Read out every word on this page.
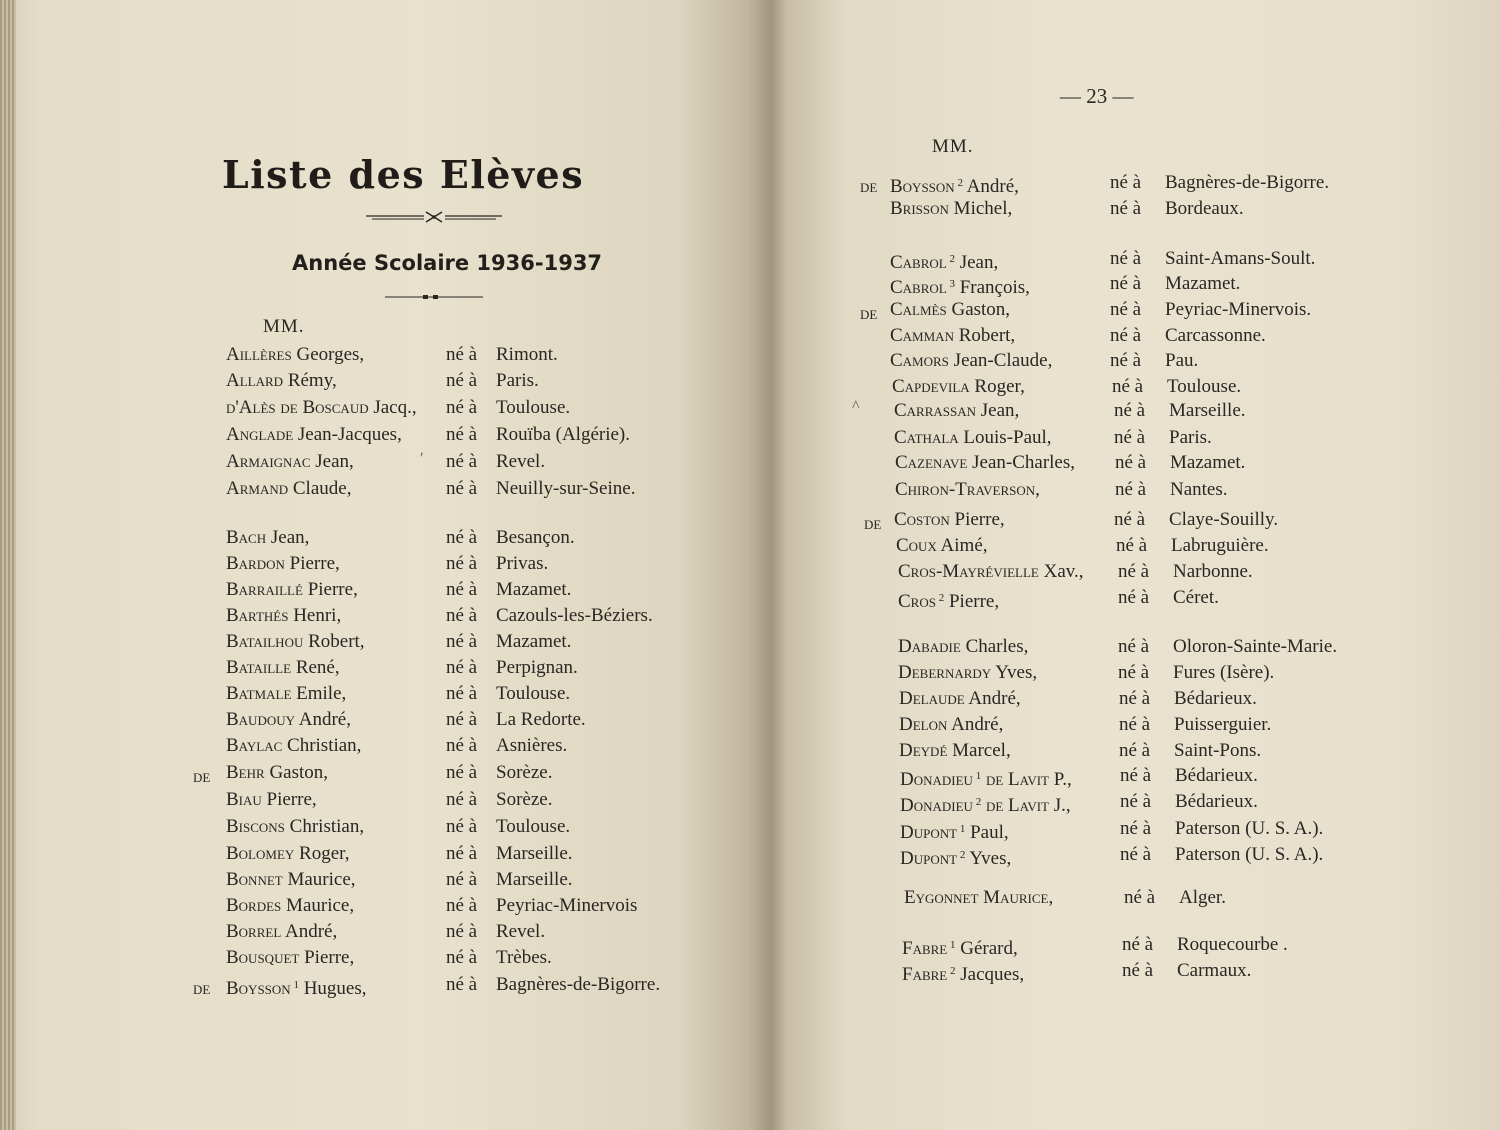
Liste des Elèves
Année Scolaire 1936-1937
MM.
ʹ
Aillères Georges,	né à Rimont.
Allard Rémy,	né à Paris.
d'Alès de Boscaud Jacq., né à Toulouse.
Anglade Jean-Jacques, né à Rouïba (Algérie).
Armaignac Jean,	né à Revel.
Armand Claude,	né à Neuilly-sur-Seine.
Bach Jean,	né à Besançon.
Bardon Pierre,	né à Privas.
Barraillé Pierre,	né à Mazamet.
Barthés Henri,	né à Cazouls-les-Béziers.
Batailhou Robert,	né à Mazamet.
Bataille René,	né à Perpignan.
Batmale Emile,	né à Toulouse.
Baudouy André,	né à La Redorte.
Baylac Christian,	né à Asnières.
de Behr Gaston,	né à Sorèze.
Biau Pierre,	né à Sorèze.
Biscons Christian,	né à Toulouse.
Bolomey Roger,	né à Marseille.
Bonnet Maurice,	né à Marseille.
Bordes Maurice,	né à Peyriac-Minervois
Borrel André,	né à Revel.
Bousquet Pierre,	né à Trèbes.
de Boysson $^1$ Hugues,	né à Bagnères-de-Bigorre.
— 23 —
MM.
^
de Boysson $^2$ André,	né à Bagnères-de-Bigorre.
Brisson Michel,	né à Bordeaux.
Cabrol $^2$ Jean,	né à Saint-Amans-Soult.
Cabrol $^3$ François,	né à Mazamet.
de Calmès Gaston,	né à Peyriac-Minervois.
Camman Robert,	né à Carcassonne.
Camors Jean-Claude,	né à Pau.
Capdevila Roger,	né à Toulouse.
Carrassan Jean,	né à Marseille.
Cathala Louis-Paul,	né à Paris.
Cazenave Jean-Charles, né à Mazamet.
Chiron-Traverson,	né à Nantes.
de Coston Pierre,	né à Claye-Souilly.
Coux Aimé,	né à Labruguière.
Cros-Mayrévielle Xav., né à Narbonne.
Cros $^2$ Pierre,	né à Céret.
Dabadie Charles,	né à Oloron-Sainte-Marie.
Debernardy Yves,	né à Fures (Isère).
Delaude André,	né à Bédarieux.
Delon André,	né à Puisserguier.
Deydé Marcel,	né à Saint-Pons.
Donadieu $^1$ de Lavit P.,	né à Bédarieux.
Donadieu $^2$ de Lavit J.,	né à Bédarieux.
Dupont $^1$ Paul,	né à Paterson (U. S. A.).
Dupont $^2$ Yves,	né à Paterson (U. S. A.).
Eygonnet Maurice,	né à Alger.
Fabre $^1$ Gérard,	né à Roquecourbe .
Fabre $^2$ Jacques,	né à Carmaux.
